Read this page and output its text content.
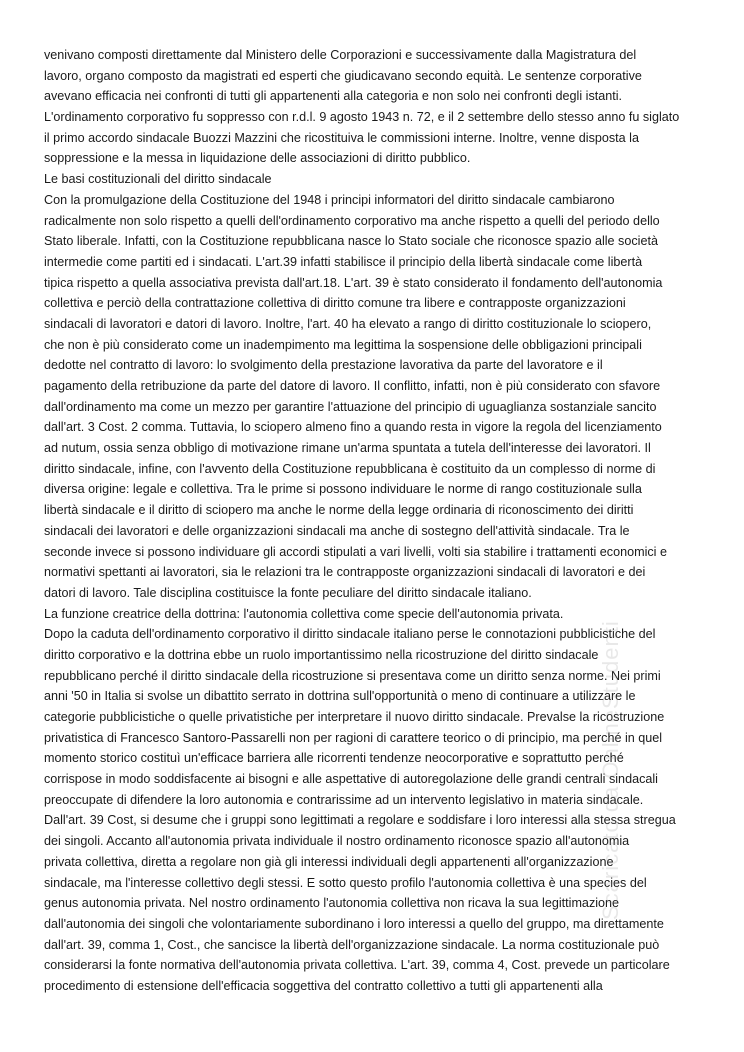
venivano composti direttamente dal Ministero delle Corporazioni e successivamente dalla Magistratura del
lavoro, organo composto da magistrati ed esperti che giudicavano secondo equità. Le sentenze corporative
avevano efficacia nei confronti di tutti gli appartenenti alla categoria e non solo nei confronti degli istanti.
L'ordinamento corporativo fu soppresso con r.d.l. 9 agosto 1943 n. 72, e il 2 settembre dello stesso anno fu siglato
il primo accordo sindacale Buozzi Mazzini che ricostituiva le commissioni interne. Inoltre, venne disposta la
soppressione e la messa in liquidazione delle associazioni di diritto pubblico.
Le basi costituzionali del diritto sindacale
Con la promulgazione della Costituzione del 1948 i principi informatori del diritto sindacale cambiarono
radicalmente non solo rispetto a quelli dell'ordinamento corporativo ma anche rispetto a quelli del periodo dello
Stato liberale. Infatti, con la Costituzione repubblicana nasce lo Stato sociale che riconosce spazio alle società
intermedie come partiti ed i sindacati. L'art.39 infatti stabilisce il principio della libertà sindacale come libertà
tipica rispetto a quella associativa prevista dall'art.18. L'art. 39 è stato considerato il fondamento dell'autonomia
collettiva e perciò della contrattazione collettiva di diritto comune tra libere e contrapposte organizzazioni
sindacali di lavoratori e datori di lavoro. Inoltre, l'art. 40 ha elevato a rango di diritto costituzionale lo sciopero,
che non è più considerato come un inadempimento ma legittima la sospensione delle obbligazioni principali
dedotte nel contratto di lavoro: lo svolgimento della prestazione lavorativa da parte del lavoratore e il
pagamento della retribuzione da parte del datore di lavoro. Il conflitto, infatti, non è più considerato con sfavore
dall'ordinamento ma come un mezzo per garantire l'attuazione del principio di uguaglianza sostanziale sancito
dall'art. 3 Cost. 2 comma. Tuttavia, lo sciopero almeno fino a quando resta in vigore la regola del licenziamento
ad nutum, ossia senza obbligo di motivazione rimane un'arma spuntata a tutela dell'interesse dei lavoratori. Il
diritto sindacale, infine, con l'avvento della Costituzione repubblicana è costituito da un complesso di norme di
diversa origine: legale e collettiva. Tra le prime si possono individuare le norme di rango costituzionale sulla
libertà sindacale e il diritto di sciopero ma anche le norme della legge ordinaria di riconoscimento dei diritti
sindacali dei lavoratori e delle organizzazioni sindacali ma anche di sostegno dell'attività sindacale. Tra le
seconde invece si possono individuare gli accordi stipulati a vari livelli, volti sia stabilire i trattamenti economici e
normativi spettanti ai lavoratori, sia le relazioni tra le contrapposte organizzazioni sindacali di lavoratori e dei
datori di lavoro. Tale disciplina costituisce la fonte peculiare del diritto sindacale italiano.
La funzione creatrice della dottrina: l'autonomia collettiva come specie dell'autonomia privata.
Dopo la caduta dell'ordinamento corporativo il diritto sindacale italiano perse le connotazioni pubblicistiche del
diritto corporativo e la dottrina ebbe un ruolo importantissimo nella ricostruzione del diritto sindacale
repubblicano perché il diritto sindacale della ricostruzione si presentava come un diritto senza norme. Nei primi
anni '50 in Italia si svolse un dibattito serrato in dottrina sull'opportunità o meno di continuare a utilizzare le
categorie pubblicistiche o quelle privatistiche per interpretare il nuovo diritto sindacale. Prevalse la ricostruzione
privatistica di Francesco Santoro-Passarelli non per ragioni di carattere teorico o di principio, ma perché in quel
momento storico costituì un'efficace barriera alle ricorrenti tendenze neocorporative e soprattutto perché
corrispose in modo soddisfacente ai bisogni e alle aspettative di autoregolazione delle grandi centrali sindacali
preoccupate di difendere la loro autonomia e contrarissime ad un intervento legislativo in materia sindacale.
Dall'art. 39 Cost, si desume che i gruppi sono legittimati a regolare e soddisfare i loro interessi alla stessa stregua
dei singoli. Accanto all'autonomia privata individuale il nostro ordinamento riconosce spazio all'autonomia
privata collettiva, diretta a regolare non già gli interessi individuali degli appartenenti all'organizzazione
sindacale, ma l'interesse collettivo degli stessi. E sotto questo profilo l'autonomia collettiva è una species del
genus autonomia privata. Nel nostro ordinamento l'autonomia collettiva non ricava la sua legittimazione
dall'autonomia dei singoli che volontariamente subordinano i loro interessi a quello del gruppo, ma direttamente
dall'art. 39, comma 1, Cost., che sancisce la libertà dell'organizzazione sindacale. La norma costituzionale può
considerarsi la fonte normativa dell'autonomia privata collettiva. L'art. 39, comma 4, Cost. prevede un particolare
procedimento di estensione dell'efficacia soggettiva del contratto collettivo a tutti gli appartenenti alla
Scaricato da OnlineStudenti
